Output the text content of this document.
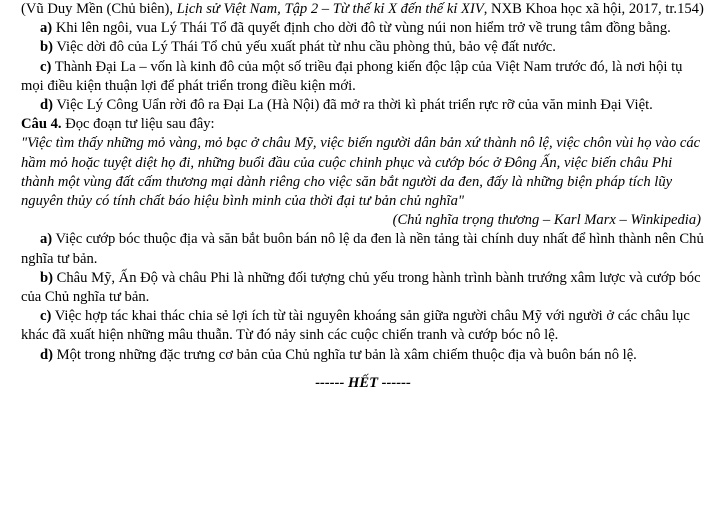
(Vũ Duy Mền (Chủ biên), Lịch sử Việt Nam, Tập 2 – Từ thế kỉ X đến thế kỉ XIV, NXB Khoa học xã hội, 2017, tr.154)

a) Khi lên ngôi, vua Lý Thái Tổ đã quyết định cho dời đô từ vùng núi non hiểm trở về trung tâm đồng bằng.

b) Việc dời đô của Lý Thái Tổ chủ yếu xuất phát từ nhu cầu phòng thủ, bảo vệ đất nước.

c) Thành Đại La – vốn là kinh đô của một số triều đại phong kiến độc lập của Việt Nam trước đó, là nơi hội tụ mọi điều kiện thuận lợi để phát triển trong điều kiện mới.

d) Việc Lý Công Uẩn rời đô ra Đại La (Hà Nội) đã mở ra thời kì phát triển rực rỡ của văn minh Đại Việt.

Câu 4. Đọc đoạn tư liệu sau đây:

"Việc tìm thấy những mỏ vàng, mỏ bạc ở châu Mỹ, việc biến người dân bản xứ thành nô lệ, việc chôn vùi họ vào các hầm mỏ hoặc tuyệt diệt họ đi, những buổi đầu của cuộc chinh phục và cướp bóc ở Đông Ấn, việc biến châu Phi thành một vùng đất cấm thương mại dành riêng cho việc săn bắt người da đen, đấy là những biện pháp tích lũy nguyên thủy có tính chất báo hiệu bình minh của thời đại tư bản chủ nghĩa"

(Chủ nghĩa trọng thương – Karl Marx – Winkipedia)

a) Việc cướp bóc thuộc địa và săn bắt buôn bán nô lệ da đen là nền tảng tài chính duy nhất để hình thành nên Chủ nghĩa tư bản.

b) Châu Mỹ, Ấn Độ và châu Phi là những đối tượng chủ yếu trong hành trình bành trướng xâm lược và cướp bóc của Chủ nghĩa tư bản.

c) Việc hợp tác khai thác chia sẻ lợi ích từ tài nguyên khoáng sản giữa người châu Mỹ với người ở các châu lục khác đã xuất hiện những mâu thuẫn. Từ đó nảy sinh các cuộc chiến tranh và cướp bóc nô lệ.

d) Một trong những đặc trưng cơ bản của Chủ nghĩa tư bản là xâm chiếm thuộc địa và buôn bán nô lệ.

------ HẾT ------
